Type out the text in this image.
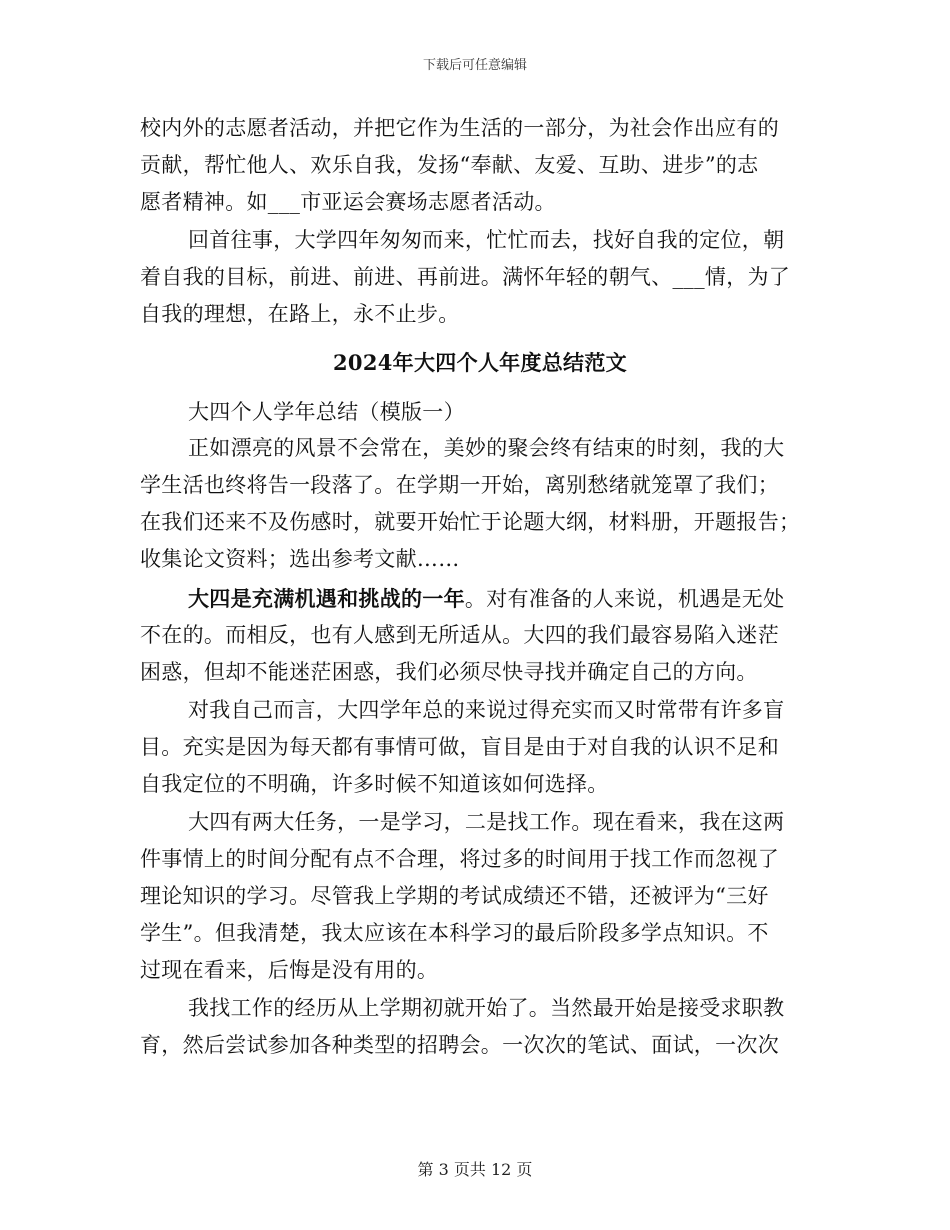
下载后可任意编辑
校内外的志愿者活动，并把它作为生活的一部分，为社会作出应有的
贡献，帮忙他人、欢乐自我，发扬“奉献、友爱、互助、进步”的志
愿者精神。如___市亚运会赛场志愿者活动。
回首往事，大学四年匆匆而来，忙忙而去，找好自我的定位，朝
着自我的目标，前进、前进、再前进。满怀年轻的朝气、___情，为了
自我的理想，在路上，永不止步。
2024年大四个人年度总结范文
大四个人学年总结（模版一）
正如漂亮的风景不会常在，美妙的聚会终有结束的时刻，我的大
学生活也终将告一段落了。在学期一开始，离别愁绪就笼罩了我们；
在我们还来不及伤感时，就要开始忙于论题大纲，材料册，开题报告；
收集论文资料；选出参考文献……
大四是充满机遇和挑战的一年。对有准备的人来说，机遇是无处
不在的。而相反，也有人感到无所适从。大四的我们最容易陷入迷茫
困惑，但却不能迷茫困惑，我们必须尽快寻找并确定自己的方向。
对我自己而言，大四学年总的来说过得充实而又时常带有许多盲
目。充实是因为每天都有事情可做，盲目是由于对自我的认识不足和
自我定位的不明确，许多时候不知道该如何选择。
大四有两大任务，一是学习，二是找工作。现在看来，我在这两
件事情上的时间分配有点不合理，将过多的时间用于找工作而忽视了
理论知识的学习。尽管我上学期的考试成绩还不错，还被评为“三好
学生”。但我清楚，我太应该在本科学习的最后阶段多学点知识。不
过现在看来，后悔是没有用的。
我找工作的经历从上学期初就开始了。当然最开始是接受求职教
育，然后尝试参加各种类型的招聘会。一次次的笔试、面试，一次次
第 3 页共 12 页
